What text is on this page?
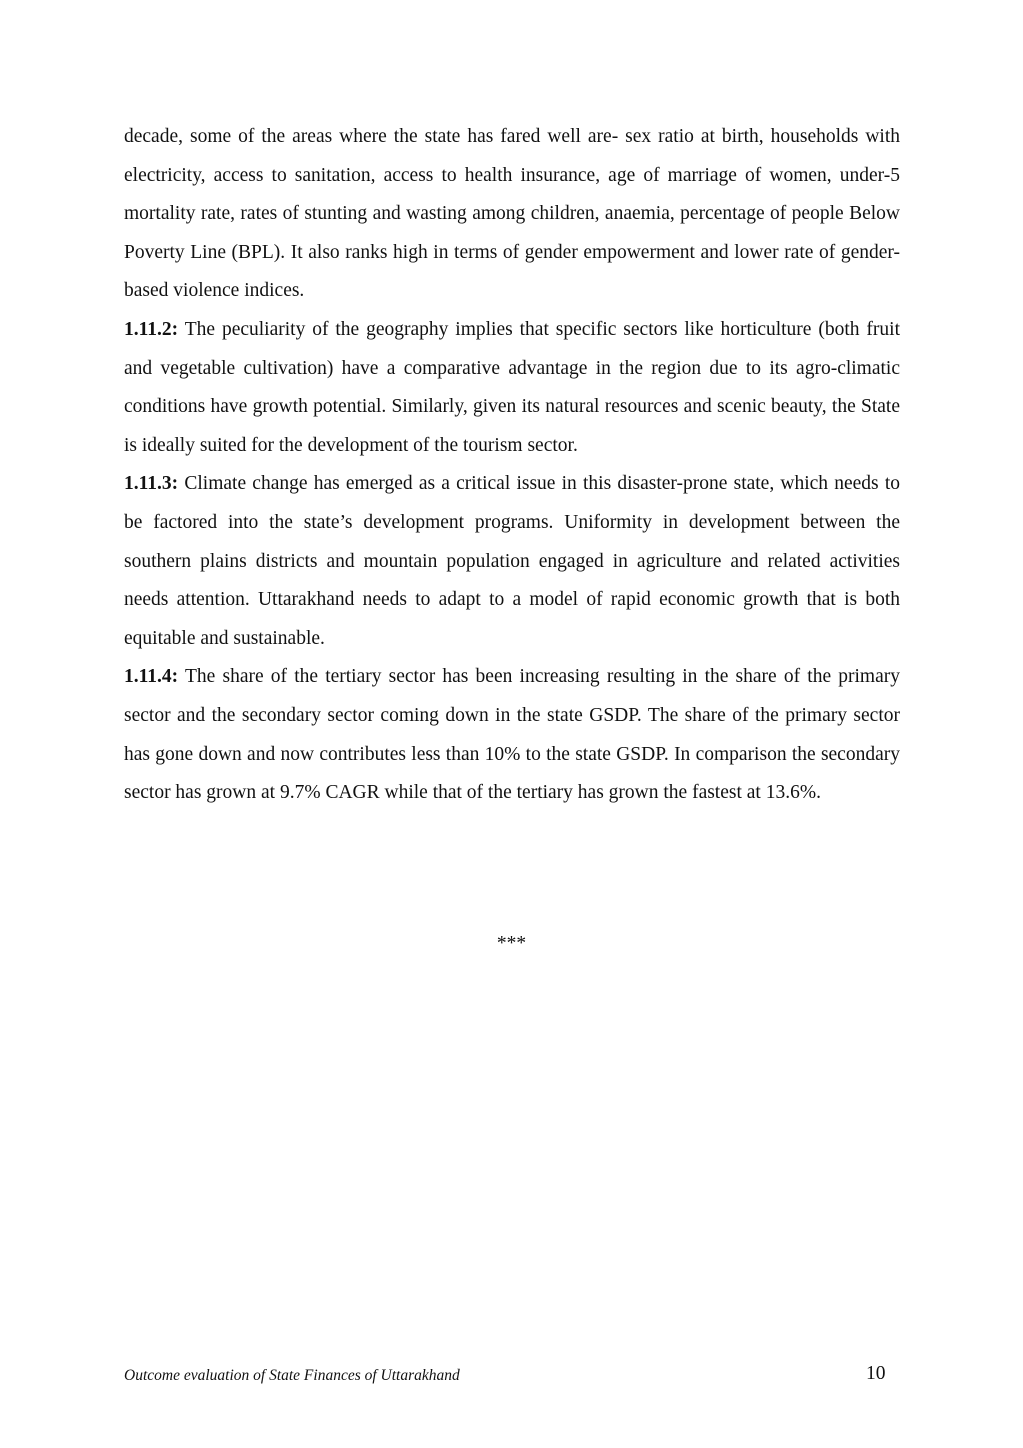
decade, some of the areas where the state has fared well are- sex ratio at birth, households with electricity, access to sanitation, access to health insurance, age of marriage of women, under-5 mortality rate, rates of stunting and wasting among children, anaemia, percentage of people Below Poverty Line (BPL). It also ranks high in terms of gender empowerment and lower rate of gender-based violence indices.

1.11.2: The peculiarity of the geography implies that specific sectors like horticulture (both fruit and vegetable cultivation) have a comparative advantage in the region due to its agro-climatic conditions have growth potential. Similarly, given its natural resources and scenic beauty, the State is ideally suited for the development of the tourism sector.

1.11.3: Climate change has emerged as a critical issue in this disaster-prone state, which needs to be factored into the state’s development programs. Uniformity in development between the southern plains districts and mountain population engaged in agriculture and related activities needs attention. Uttarakhand needs to adapt to a model of rapid economic growth that is both equitable and sustainable.

1.11.4: The share of the tertiary sector has been increasing resulting in the share of the primary sector and the secondary sector coming down in the state GSDP. The share of the primary sector has gone down and now contributes less than 10% to the state GSDP. In comparison the secondary sector has grown at 9.7% CAGR while that of the tertiary has grown the fastest at 13.6%.

***
Outcome evaluation of State Finances of Uttarakhand	10
